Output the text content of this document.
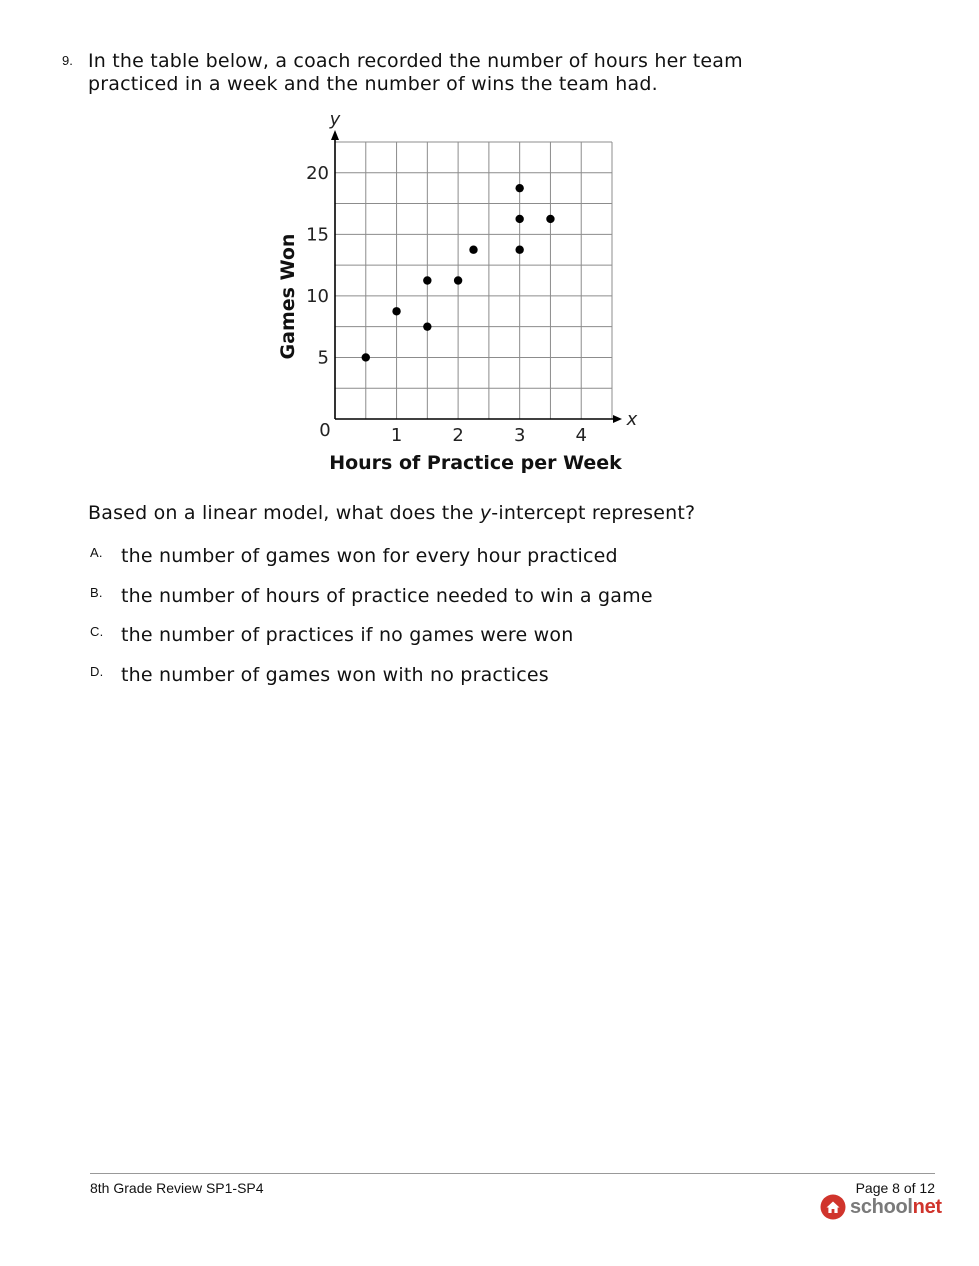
9. In the table below, a coach recorded the number of hours her team practiced in a week and the number of wins the team had.
x
y
0	1	2	3	4
5
10
15
20
Hours of Practice per Week
Games Won
Based on a linear model, what does the y-intercept represent?
A. the number of games won for every hour practiced
B. the number of hours of practice needed to win a game
C. the number of practices if no games were won
D. the number of games won with no practices
8th Grade Review SP1-SP4	Page 8 of 12
schoolnet
